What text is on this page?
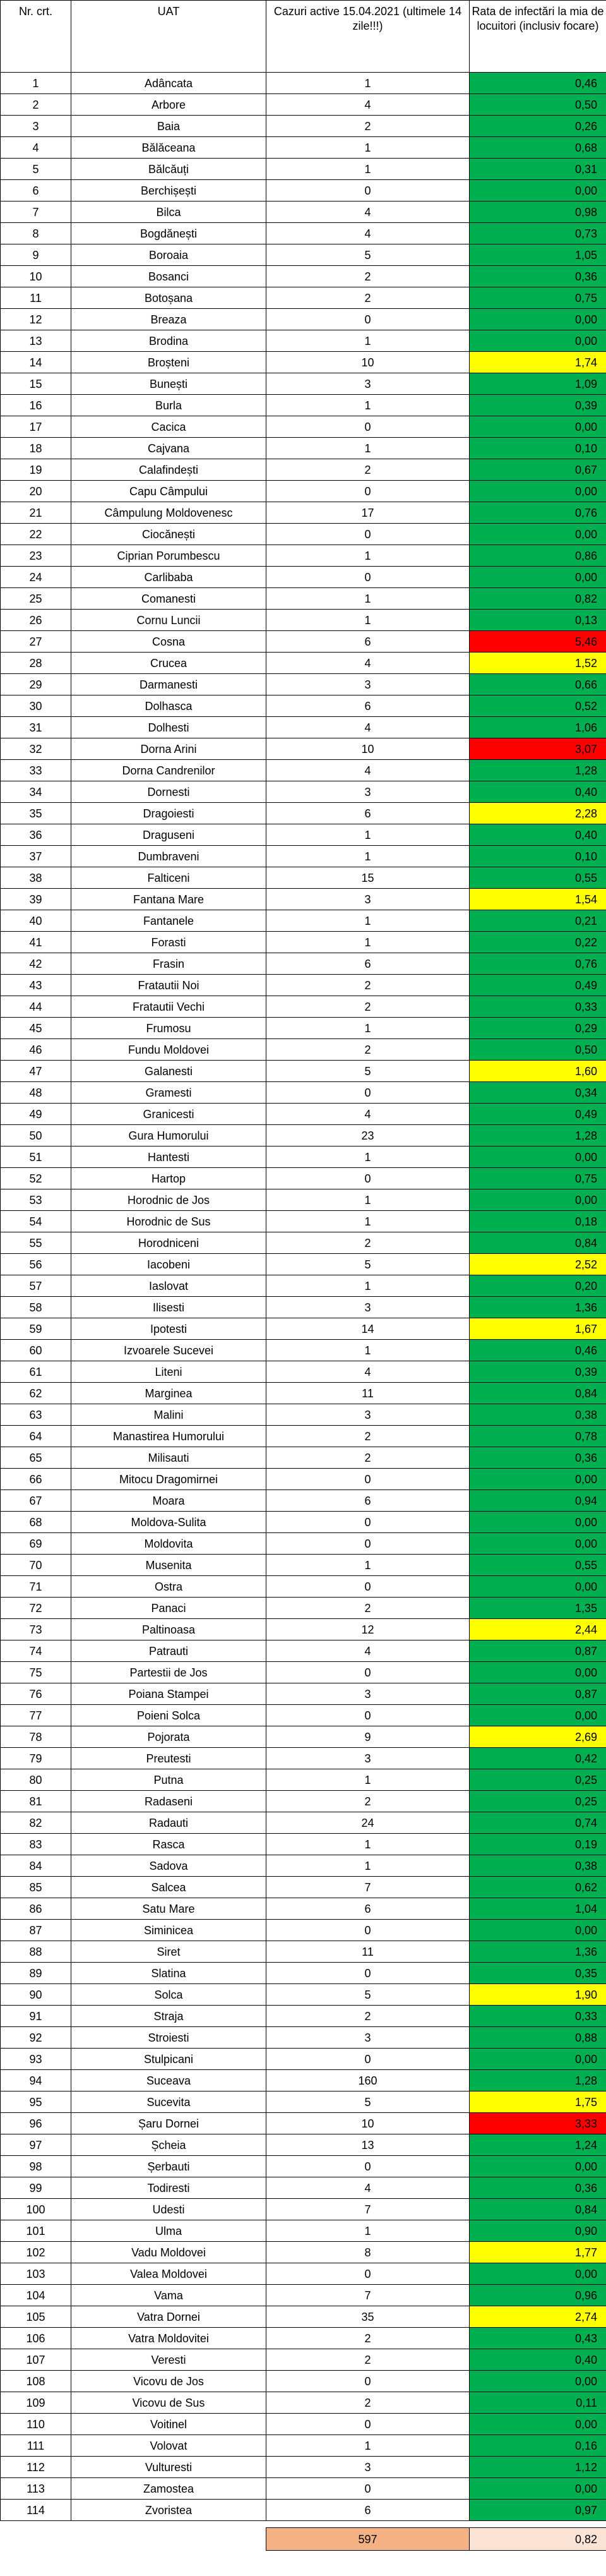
Nr. crt.	UAT	Cazuri active 15.04.2021 (ultimele 14 zile!!!)	Rata de infectări la mia de locuitori (inclusiv focare)
1	Adâncata	1	0,46
2	Arbore	4	0,50
3	Baia	2	0,26
4	Bălăceana	1	0,68
5	Bălcăuți	1	0,31
6	Berchișești	0	0,00
7	Bilca	4	0,98
8	Bogdănești	4	0,73
9	Boroaia	5	1,05
10	Bosanci	2	0,36
11	Botoșana	2	0,75
12	Breaza	0	0,00
13	Brodina	1	0,00
14	Broșteni	10	1,74
15	Bunești	3	1,09
16	Burla	1	0,39
17	Cacica	0	0,00
18	Cajvana	1	0,10
19	Calafindești	2	0,67
20	Capu Câmpului	0	0,00
21	Câmpulung Moldovenesc	17	0,76
22	Ciocănești	0	0,00
23	Ciprian Porumbescu	1	0,86
24	Carlibaba	0	0,00
25	Comanesti	1	0,82
26	Cornu Luncii	1	0,13
27	Cosna	6	5,46
28	Crucea	4	1,52
29	Darmanesti	3	0,66
30	Dolhasca	6	0,52
31	Dolhesti	4	1,06
32	Dorna Arini	10	3,07
33	Dorna Candrenilor	4	1,28
34	Dornesti	3	0,40
35	Dragoiesti	6	2,28
36	Draguseni	1	0,40
37	Dumbraveni	1	0,10
38	Falticeni	15	0,55
39	Fantana Mare	3	1,54
40	Fantanele	1	0,21
41	Forasti	1	0,22
42	Frasin	6	0,76
43	Fratautii Noi	2	0,49
44	Fratautii Vechi	2	0,33
45	Frumosu	1	0,29
46	Fundu Moldovei	2	0,50
47	Galanesti	5	1,60
48	Gramesti	0	0,34
49	Granicesti	4	0,49
50	Gura Humorului	23	1,28
51	Hantesti	1	0,00
52	Hartop	0	0,75
53	Horodnic de Jos	1	0,00
54	Horodnic de Sus	1	0,18
55	Horodniceni	2	0,84
56	Iacobeni	5	2,52
57	Iaslovat	1	0,20
58	Ilisesti	3	1,36
59	Ipotesti	14	1,67
60	Izvoarele Sucevei	1	0,46
61	Liteni	4	0,39
62	Marginea	11	0,84
63	Malini	3	0,38
64	Manastirea Humorului	2	0,78
65	Milisauti	2	0,36
66	Mitocu Dragomirnei	0	0,00
67	Moara	6	0,94
68	Moldova-Sulita	0	0,00
69	Moldovita	0	0,00
70	Musenita	1	0,55
71	Ostra	0	0,00
72	Panaci	2	1,35
73	Paltinoasa	12	2,44
74	Patrauti	4	0,87
75	Partestii de Jos	0	0,00
76	Poiana Stampei	3	0,87
77	Poieni Solca	0	0,00
78	Pojorata	9	2,69
79	Preutesti	3	0,42
80	Putna	1	0,25
81	Radaseni	2	0,25
82	Radauti	24	0,74
83	Rasca	1	0,19
84	Sadova	1	0,38
85	Salcea	7	0,62
86	Satu Mare	6	1,04
87	Siminicea	0	0,00
88	Siret	11	1,36
89	Slatina	0	0,35
90	Solca	5	1,90
91	Straja	2	0,33
92	Stroiesti	3	0,88
93	Stulpicani	0	0,00
94	Suceava	160	1,28
95	Sucevita	5	1,75
96	Șaru Dornei	10	3,33
97	Șcheia	13	1,24
98	Șerbauti	0	0,00
99	Todiresti	4	0,36
100	Udesti	7	0,84
101	Ulma	1	0,90
102	Vadu Moldovei	8	1,77
103	Valea Moldovei	0	0,00
104	Vama	7	0,96
105	Vatra Dornei	35	2,74
106	Vatra Moldovitei	2	0,43
107	Veresti	2	0,40
108	Vicovu de Jos	0	0,00
109	Vicovu de Sus	2	0,11
110	Voitinel	0	0,00
111	Volovat	1	0,16
112	Vulturesti	3	1,12
113	Zamostea	0	0,00
114	Zvoristea	6	0,97

		597	0,82
